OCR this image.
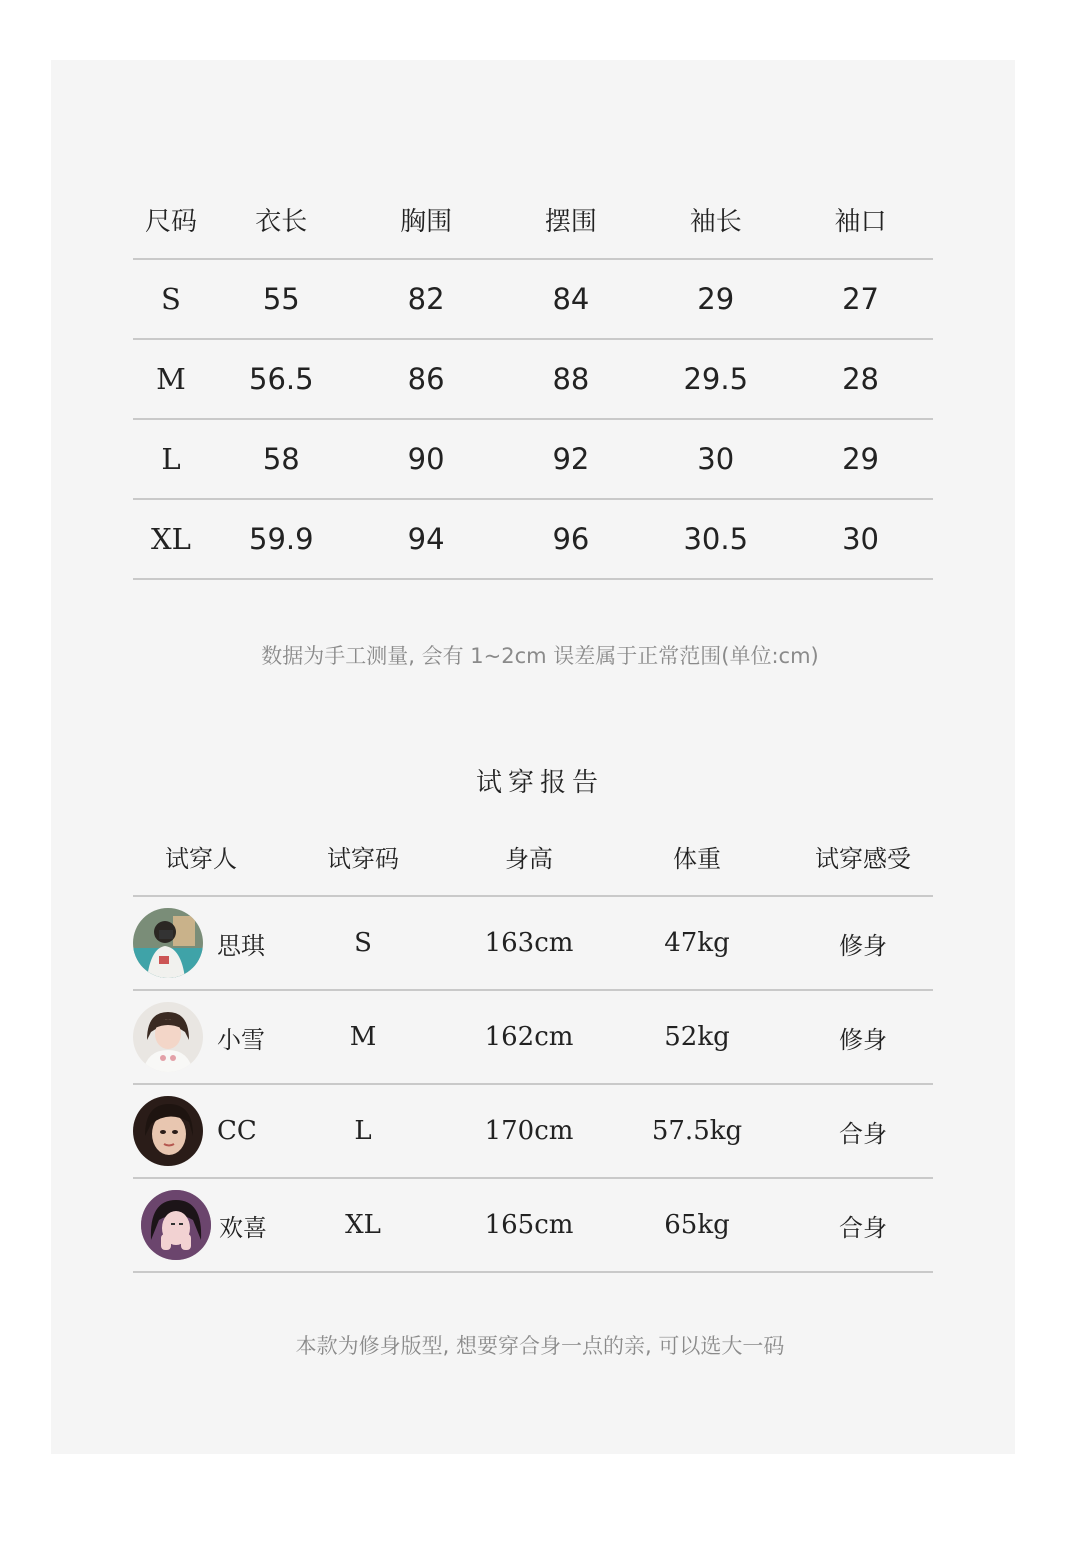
尺码	衣长	胸围	摆围	袖长	袖口
S	55	82	84	29	27
M	56.5	86	88	29.5	28
L	58	90	92	30	29
XL	59.9	94	96	30.5	30
数据为手工测量, 会有 1~2cm 误差属于正常范围(单位:cm)
试穿报告
试穿人	试穿码	身高	体重	试穿感受
思琪	S	163cm	47kg	修身
小雪	M	162cm	52kg	修身
CC	L	170cm	57.5kg	合身
欢喜	XL	165cm	65kg	合身
本款为修身版型, 想要穿合身一点的亲, 可以选大一码
